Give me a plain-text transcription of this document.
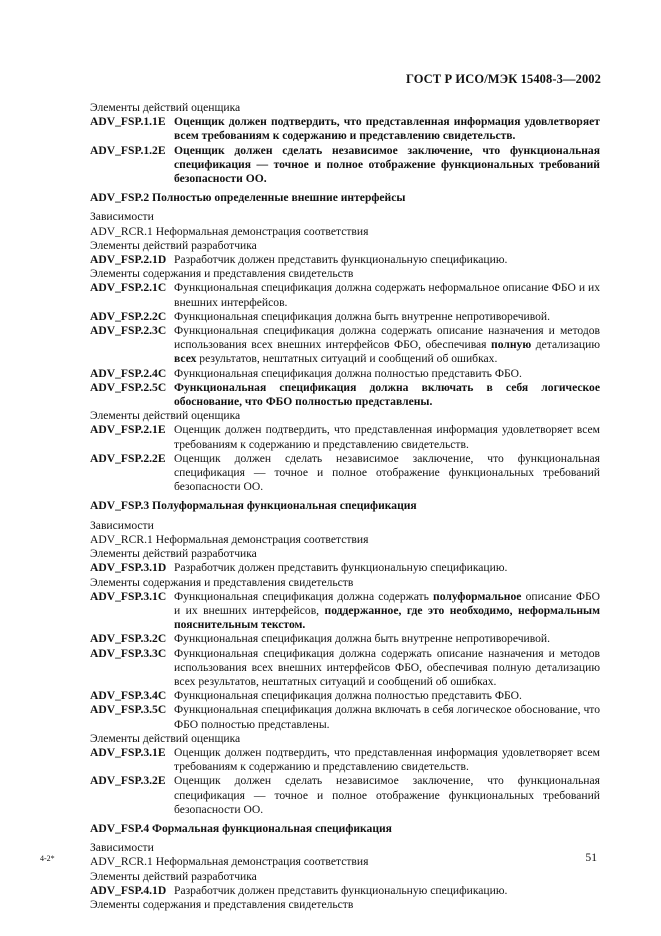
ГОСТ Р ИСО/МЭК 15408-3—2002
Элементы действий оценщика
ADV_FSP.1.1E Оценщик должен подтвердить, что представленная информация удовлетворяет всем требованиям к содержанию и представлению свидетельств.
ADV_FSP.1.2E Оценщик должен сделать независимое заключение, что функциональная спецификация — точное и полное отображение функциональных требований безопасности ОО.
ADV_FSP.2 Полностью определенные внешние интерфейсы
Зависимости
ADV_RCR.1 Неформальная демонстрация соответствия
Элементы действий разработчика
ADV_FSP.2.1D Разработчик должен представить функциональную спецификацию.
Элементы содержания и представления свидетельств
ADV_FSP.2.1C Функциональная спецификация должна содержать неформальное описание ФБО и их внешних интерфейсов.
ADV_FSP.2.2C Функциональная спецификация должна быть внутренне непротиворечивой.
ADV_FSP.2.3C Функциональная спецификация должна содержать описание назначения и методов использования всех внешних интерфейсов ФБО, обеспечивая полную детализацию всех результатов, нештатных ситуаций и сообщений об ошибках.
ADV_FSP.2.4C Функциональная спецификация должна полностью представить ФБО.
ADV_FSP.2.5C Функциональная спецификация должна включать в себя логическое обоснование, что ФБО полностью представлены.
Элементы действий оценщика
ADV_FSP.2.1E Оценщик должен подтвердить, что представленная информация удовлетворяет всем требованиям к содержанию и представлению свидетельств.
ADV_FSP.2.2E Оценщик должен сделать независимое заключение, что функциональная спецификация — точное и полное отображение функциональных требований безопасности ОО.
ADV_FSP.3 Полуформальная функциональная спецификация
Зависимости
ADV_RCR.1 Неформальная демонстрация соответствия
Элементы действий разработчика
ADV_FSP.3.1D Разработчик должен представить функциональную спецификацию.
Элементы содержания и представления свидетельств
ADV_FSP.3.1C Функциональная спецификация должна содержать полуформальное описание ФБО и их внешних интерфейсов, поддержанное, где это необходимо, неформальным пояснительным текстом.
ADV_FSP.3.2C Функциональная спецификация должна быть внутренне непротиворечивой.
ADV_FSP.3.3C Функциональная спецификация должна содержать описание назначения и методов использования всех внешних интерфейсов ФБО, обеспечивая полную детализацию всех результатов, нештатных ситуаций и сообщений об ошибках.
ADV_FSP.3.4C Функциональная спецификация должна полностью представить ФБО.
ADV_FSP.3.5C Функциональная спецификация должна включать в себя логическое обоснование, что ФБО полностью представлены.
Элементы действий оценщика
ADV_FSP.3.1E Оценщик должен подтвердить, что представленная информация удовлетворяет всем требованиям к содержанию и представлению свидетельств.
ADV_FSP.3.2E Оценщик должен сделать независимое заключение, что функциональная спецификация — точное и полное отображение функциональных требований безопасности ОО.
ADV_FSP.4 Формальная функциональная спецификация
Зависимости
ADV_RCR.1 Неформальная демонстрация соответствия
Элементы действий разработчика
ADV_FSP.4.1D Разработчик должен представить функциональную спецификацию.
Элементы содержания и представления свидетельств
4-2*	51
